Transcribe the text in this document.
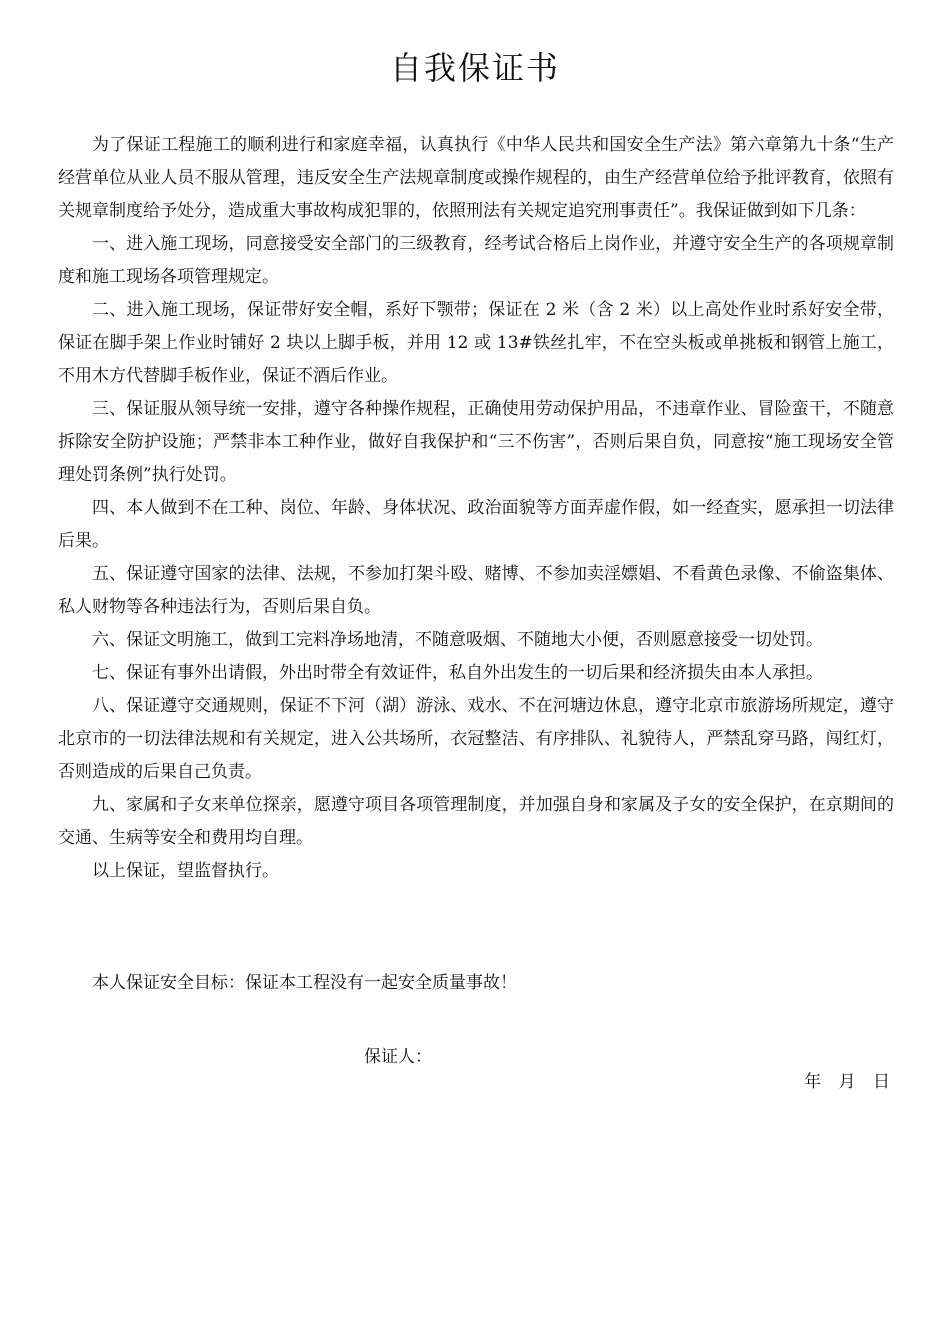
自我保证书

为了保证工程施工的顺利进行和家庭幸福，认真执行《中华人民共和国安全生产法》第六章第九十条“生产经营单位从业人员不服从管理，违反安全生产法规章制度或操作规程的，由生产经营单位给予批评教育，依照有关规章制度给予处分，造成重大事故构成犯罪的，依照刑法有关规定追究刑事责任”。我保证做到如下几条：

一、进入施工现场，同意接受安全部门的三级教育，经考试合格后上岗作业，并遵守安全生产的各项规章制度和施工现场各项管理规定。

二、进入施工现场，保证带好安全帽，系好下颚带；保证在 2 米（含 2 米）以上高处作业时系好安全带，保证在脚手架上作业时铺好 2 块以上脚手板，并用 12 或 13#铁丝扎牢，不在空头板或单挑板和钢管上施工，不用木方代替脚手板作业，保证不酒后作业。

三、保证服从领导统一安排，遵守各种操作规程，正确使用劳动保护用品，不违章作业、冒险蛮干，不随意拆除安全防护设施；严禁非本工种作业，做好自我保护和“三不伤害”，否则后果自负，同意按“施工现场安全管理处罚条例”执行处罚。

四、本人做到不在工种、岗位、年龄、身体状况、政治面貌等方面弄虚作假，如一经查实，愿承担一切法律后果。

五、保证遵守国家的法律、法规，不参加打架斗殴、赌博、不参加卖淫嫖娼、不看黄色录像、不偷盗集体、私人财物等各种违法行为，否则后果自负。

六、保证文明施工，做到工完料净场地清，不随意吸烟、不随地大小便，否则愿意接受一切处罚。

七、保证有事外出请假，外出时带全有效证件，私自外出发生的一切后果和经济损失由本人承担。

八、保证遵守交通规则，保证不下河（湖）游泳、戏水、不在河塘边休息，遵守北京市旅游场所规定，遵守北京市的一切法律法规和有关规定，进入公共场所，衣冠整洁、有序排队、礼貌待人，严禁乱穿马路，闯红灯，否则造成的后果自己负责。

九、家属和子女来单位探亲，愿遵守项目各项管理制度，并加强自身和家属及子女的安全保护，在京期间的交通、生病等安全和费用均自理。

以上保证，望监督执行。

本人保证安全目标：保证本工程没有一起安全质量事故！

保证人：

年 月 日
